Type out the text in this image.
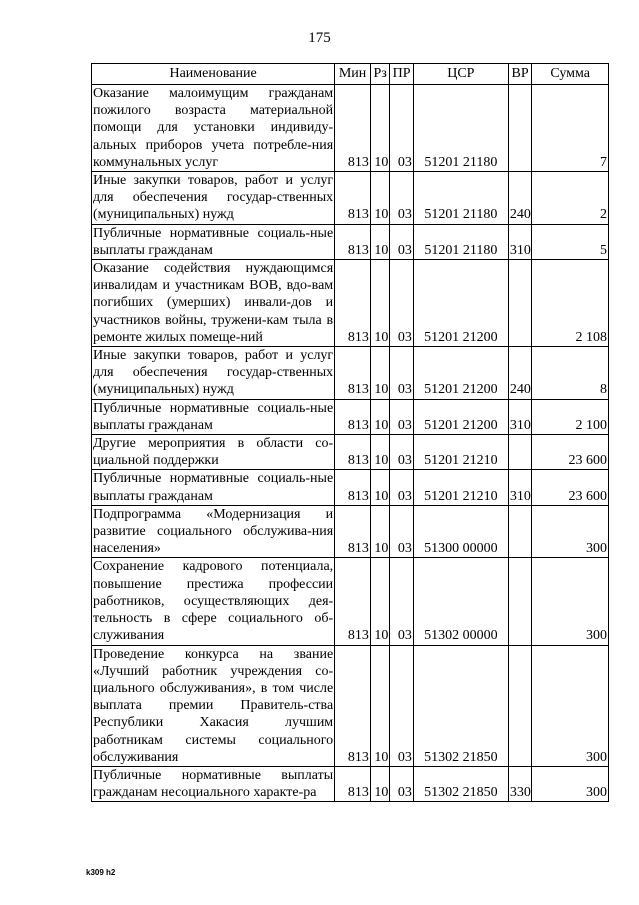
175
Наименование	Мин	Рз	ПР	ЦСР	ВР	Сумма
Оказание малоимущим гражданам пожилого возраста материальной помощи для установки индивиду-альных приборов учета потребле-ния коммунальных услуг	813	10	03	51201 21180		7
Иные закупки товаров, работ и услуг для обеспечения государ-ственных (муниципальных) нужд	813	10	03	51201 21180	240	2
Публичные нормативные социаль-ные выплаты гражданам	813	10	03	51201 21180	310	5
Оказание содействия нуждающимся инвалидам и участникам ВОВ, вдо-вам погибших (умерших) инвали-дов и участников войны, тружени-кам тыла в ремонте жилых помеще-ний	813	10	03	51201 21200		2 108
Иные закупки товаров, работ и услуг для обеспечения государ-ственных (муниципальных) нужд	813	10	03	51201 21200	240	8
Публичные нормативные социаль-ные выплаты гражданам	813	10	03	51201 21200	310	2 100
Другие мероприятия в области со-циальной поддержки	813	10	03	51201 21210		23 600
Публичные нормативные социаль-ные выплаты гражданам	813	10	03	51201 21210	310	23 600
Подпрограмма «Модернизация и развитие социального обслужива-ния населения»	813	10	03	51300 00000		300
Сохранение кадрового потенциала, повышение престижа профессии работников, осуществляющих дея-тельность в сфере социального об-служивания	813	10	03	51302 00000		300
Проведение конкурса на звание «Лучший работник учреждения со-циального обслуживания», в том числе выплата премии Правитель-ства Республики Хакасия лучшим работникам системы социального обслуживания	813	10	03	51302 21850		300
Публичные нормативные выплаты гражданам несоциального характе-ра	813	10	03	51302 21850	330	300
k309 h2
